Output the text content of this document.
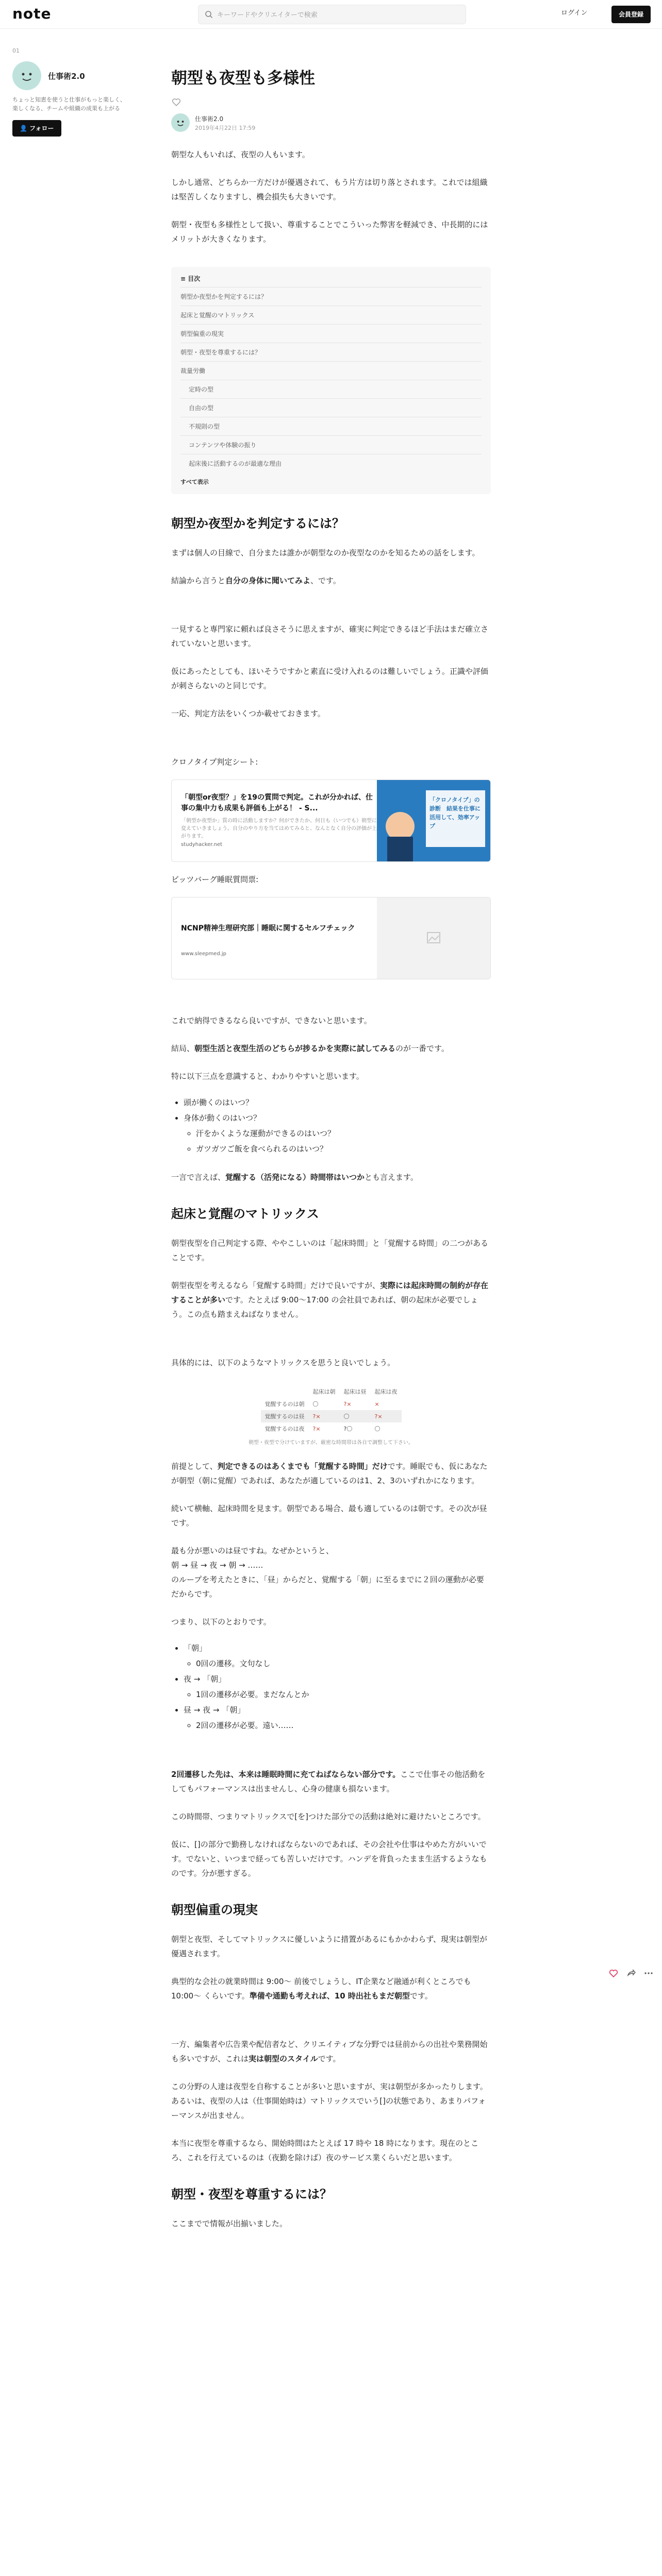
note
キーワードやクリエイターで検索	ログイン	会員登録
01
仕事術2.0
ちょっと知恵を使うと仕事がもっと楽しく、楽しくなる、チームや組織の成果も上がる
👤 フォロー
朝型も夜型も多様性
仕事術2.0
2019年4月22日 17:59

朝型な人もいれば、夜型の人もいます。

しかし通常、どちらか一方だけが優遇されて、もう片方は切り落とされます。これでは組織は堅苦しくなりますし、機会損失も大きいです。

朝型・夜型も多様性として扱い、尊重することでこういった弊害を軽減でき、中長期的にはメリットが大きくなります。

≡ 目次
朝型か夜型かを判定するには？
起床と覚醒のマトリックス
朝型偏重の現実
朝型・夜型を尊重するには？
裁量労働
定時の型
自由の型
不規則の型
コンテンツや体験の振り
起床後に活動するのが最適な理由
すべて表示
朝型か夜型かを判定するには？

まずは個人の目線で、自分または誰かが朝型なのか夜型なのかを知るための話をします。

結論から言うと自分の身体に聞いてみよ、です。

一見すると専門家に頼れば良さそうに思えますが、確実に判定できるほど手法はまだ確立されていないと思います。

仮にあったとしても、ほいそうですかと素直に受け入れるのは難しいでしょう。正識や評価が刺さらないのと同じです。

一応、判定方法をいくつか載せておきます。

クロノタイプ判定シート:

「朝型or夜型？」を19の質問で判定。これが分かれば、仕事の集中力も成果も評価も上がる！ - S...
「朝型か夜型か」質の時に活動しますか？何ができたか、何日も（いつでも）朝型に変えていきましょう。自分のやり方を当てはめてみると、なんとなく自分の評価が上がります。
studyhacker.net
「クロノタイプ」の診断　結果を仕事に活用して、効率アップ

ビッツバーグ睡眠質問票:

NCNP精神生理研究部｜睡眠に関するセルフチェック
www.sleepmed.jp

これで納得できるなら良いですが、できないと思います。

結局、朝型生活と夜型生活のどちらが捗るかを実際に試してみるのが一番です。

特に以下三点を意識すると、わかりやすいと思います。

• 頭が働くのはいつ？
• 身体が動くのはいつ？
◦ 汗をかくような運動ができるのはいつ？
◦ ガツガツご飯を食べられるのはいつ？

一言で言えば、覚醒する（活発になる）時間帯はいつかとも言えます。

起床と覚醒のマトリックス

朝型夜型を自己判定する際、ややこしいのは「起床時間」と「覚醒する時間」の二つがあることです。

朝型夜型を考えるなら「覚醒する時間」だけで良いですが、実際には起床時間の制約が存在することが多いです。たとえば 9:00〜17:00 の会社員であれば、朝の起床が必要でしょう。この点も踏まえねばなりません。

具体的には、以下のようなマトリックスを思うと良いでしょう。

	起床は朝	起床は昼	起床は夜
覚醒するのは朝	〇	?×	×
覚醒するのは昼	?×	〇	?×
覚醒するのは夜	?×	?〇	〇
朝型・夜型で分けていますが、厳密な時間帯は各自で調整して下さい。

前提として、判定できるのはあくまでも「覚醒する時間」だけです。睡眠でも、仮にあなたが朝型（朝に覚醒）であれば、あなたが適しているのは1、2、3のいずれかになります。

続いて横軸、起床時間を見ます。朝型である場合、最も適しているのは朝です。その次が昼です。

最も分が悪いのは昼ですね。なぜかというと、
朝 → 昼 → 夜 → 朝 → ……
のループを考えたときに、「昼」からだと、覚醒する「朝」に至るまでに２回の運動が必要だからです。

つまり、以下のとおりです。

• 「朝」
◦ 0回の遷移。文句なし
• 夜 → 「朝」
◦ 1回の遷移が必要。まだなんとか
• 昼 → 夜 → 「朝」
◦ 2回の遷移が必要。遠い……

2回遷移した先は、本来は睡眠時間に充てねばならない部分です。ここで仕事その他活動をしてもパフォーマンスは出ませんし、心身の健康も損ないます。

この時間帯、つまりマトリックスで[を]つけた部分での活動は絶対に避けたいところです。

仮に、[]の部分で勤務しなければならないのであれば、その会社や仕事はやめた方がいいです。でないと、いつまで経っても苦しいだけです。ハンデを背負ったまま生活するようなものです。分が悪すぎる。

朝型偏重の現実

朝型と夜型、そしてマトリックスに優しいように措置があるにもかかわらず、現実は朝型が優遇されます。

典型的な会社の就業時間は 9:00〜 前後でしょうし、IT企業など融通が利くところでも 10:00〜 くらいです。準備や通勤も考えれば、10 時出社もまだ朝型です。

一方、編集者や広告業や配信者など、クリエイティブな分野では昼前からの出社や業務開始も多いですが、これは実は朝型のスタイルです。

この分野の人達は夜型を自称することが多いと思いますが、実は朝型が多かったりします。あるいは、夜型の人は（仕事開始時は）マトリックスでいう[]の状態であり、あまりパフォーマンスが出ません。

本当に夜型を尊重するなら、開始時間はたとえば 17 時や 18 時になります。現在のところ、これを行えているのは（夜勤を除けば）夜のサービス業くらいだと思います。

朝型・夜型を尊重するには？

ここまでで情報が出揃いました。
